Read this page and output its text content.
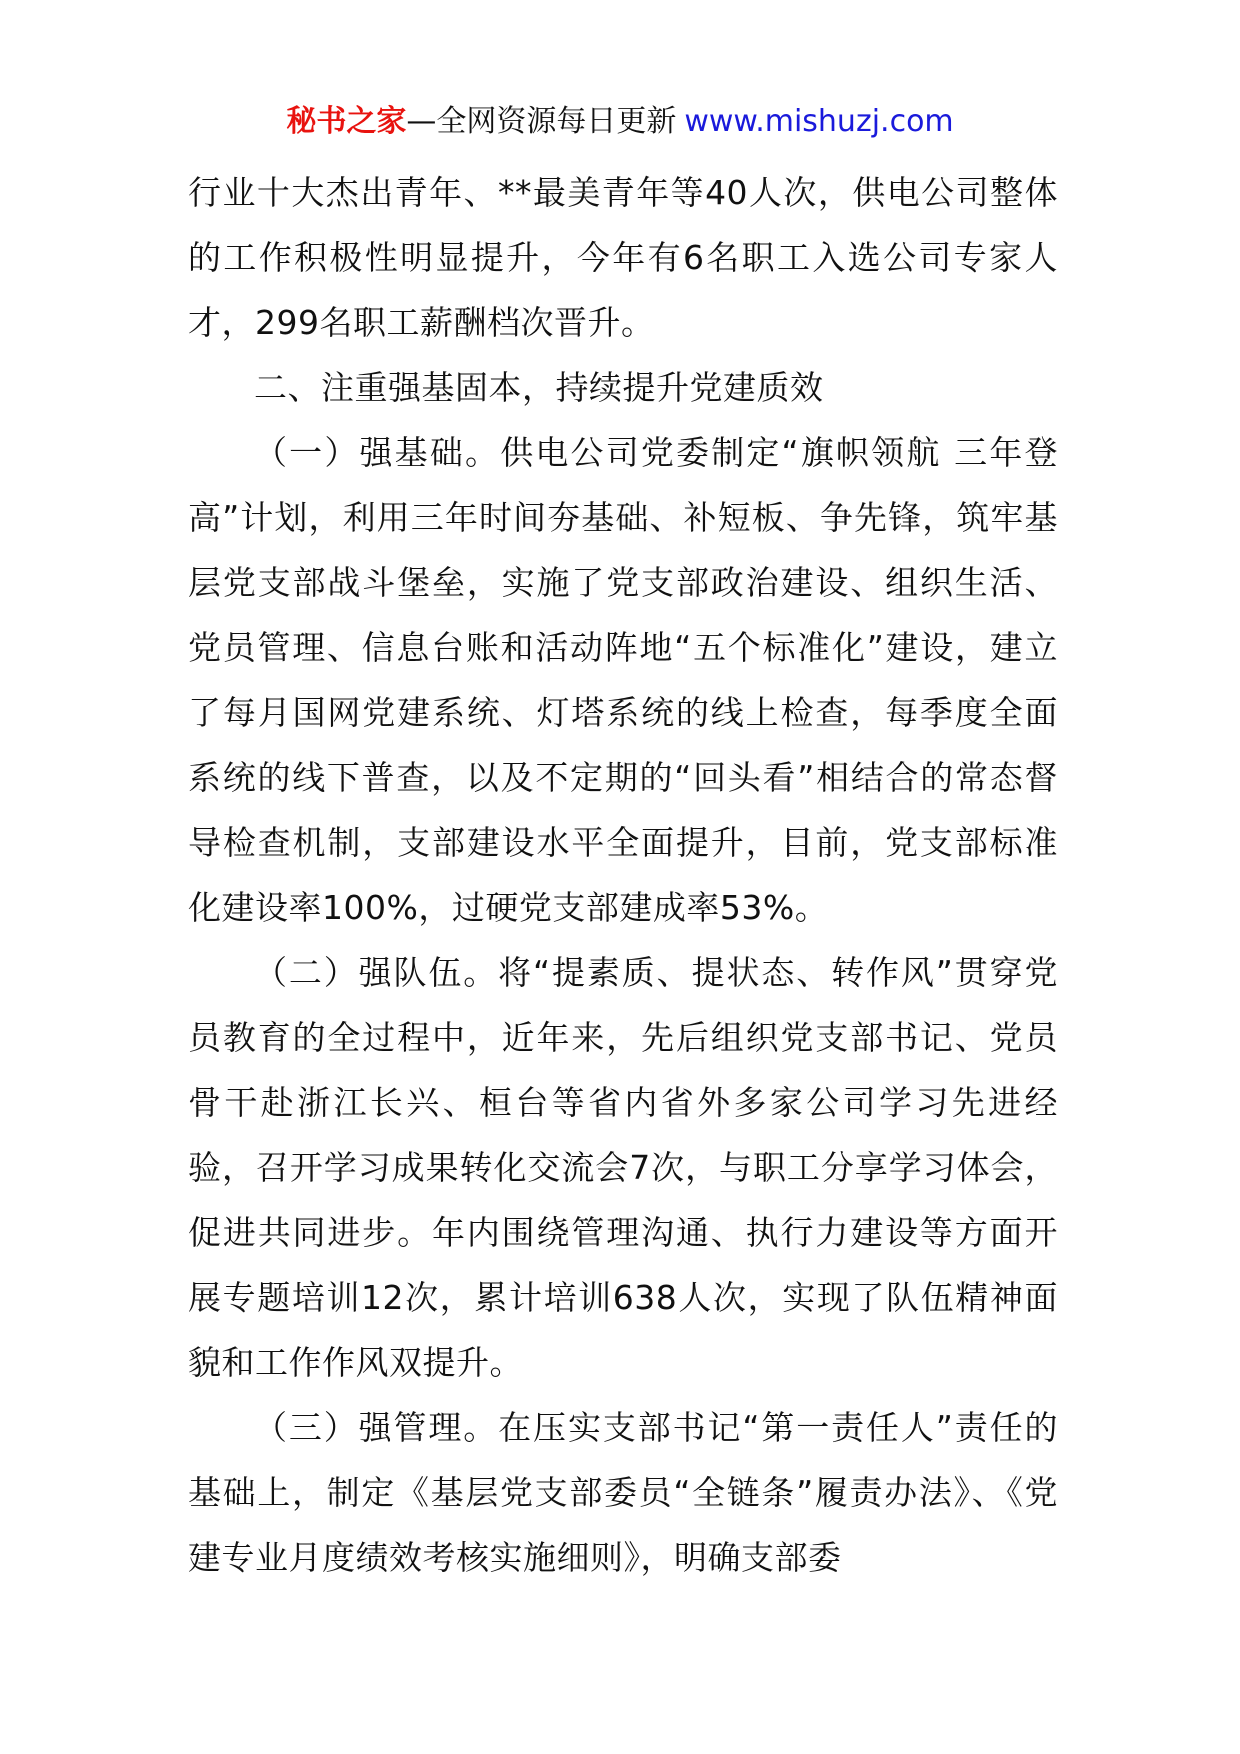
秘书之家—全网资源每日更新 www.mishuzj.com

行业十大杰出青年、**最美青年等40人次，供电公司整体的工作积极性明显提升，今年有6名职工入选公司专家人才，299名职工薪酬档次晋升。

二、注重强基固本，持续提升党建质效

（一）强基础。供电公司党委制定“旗帜领航 三年登高”计划，利用三年时间夯基础、补短板、争先锋，筑牢基层党支部战斗堡垒，实施了党支部政治建设、组织生活、党员管理、信息台账和活动阵地“五个标准化”建设，建立了每月国网党建系统、灯塔系统的线上检查，每季度全面系统的线下普查，以及不定期的“回头看”相结合的常态督导检查机制，支部建设水平全面提升，目前，党支部标准化建设率100%，过硬党支部建成率53%。

（二）强队伍。将“提素质、提状态、转作风”贯穿党员教育的全过程中，近年来，先后组织党支部书记、党员骨干赴浙江长兴、桓台等省内省外多家公司学习先进经验，召开学习成果转化交流会7次，与职工分享学习体会，促进共同进步。年内围绕管理沟通、执行力建设等方面开展专题培训12次，累计培训638人次，实现了队伍精神面貌和工作作风双提升。

（三）强管理。在压实支部书记“第一责任人”责任的基础上，制定《基层党支部委员“全链条”履责办法》、《党建专业月度绩效考核实施细则》，明确支部委
